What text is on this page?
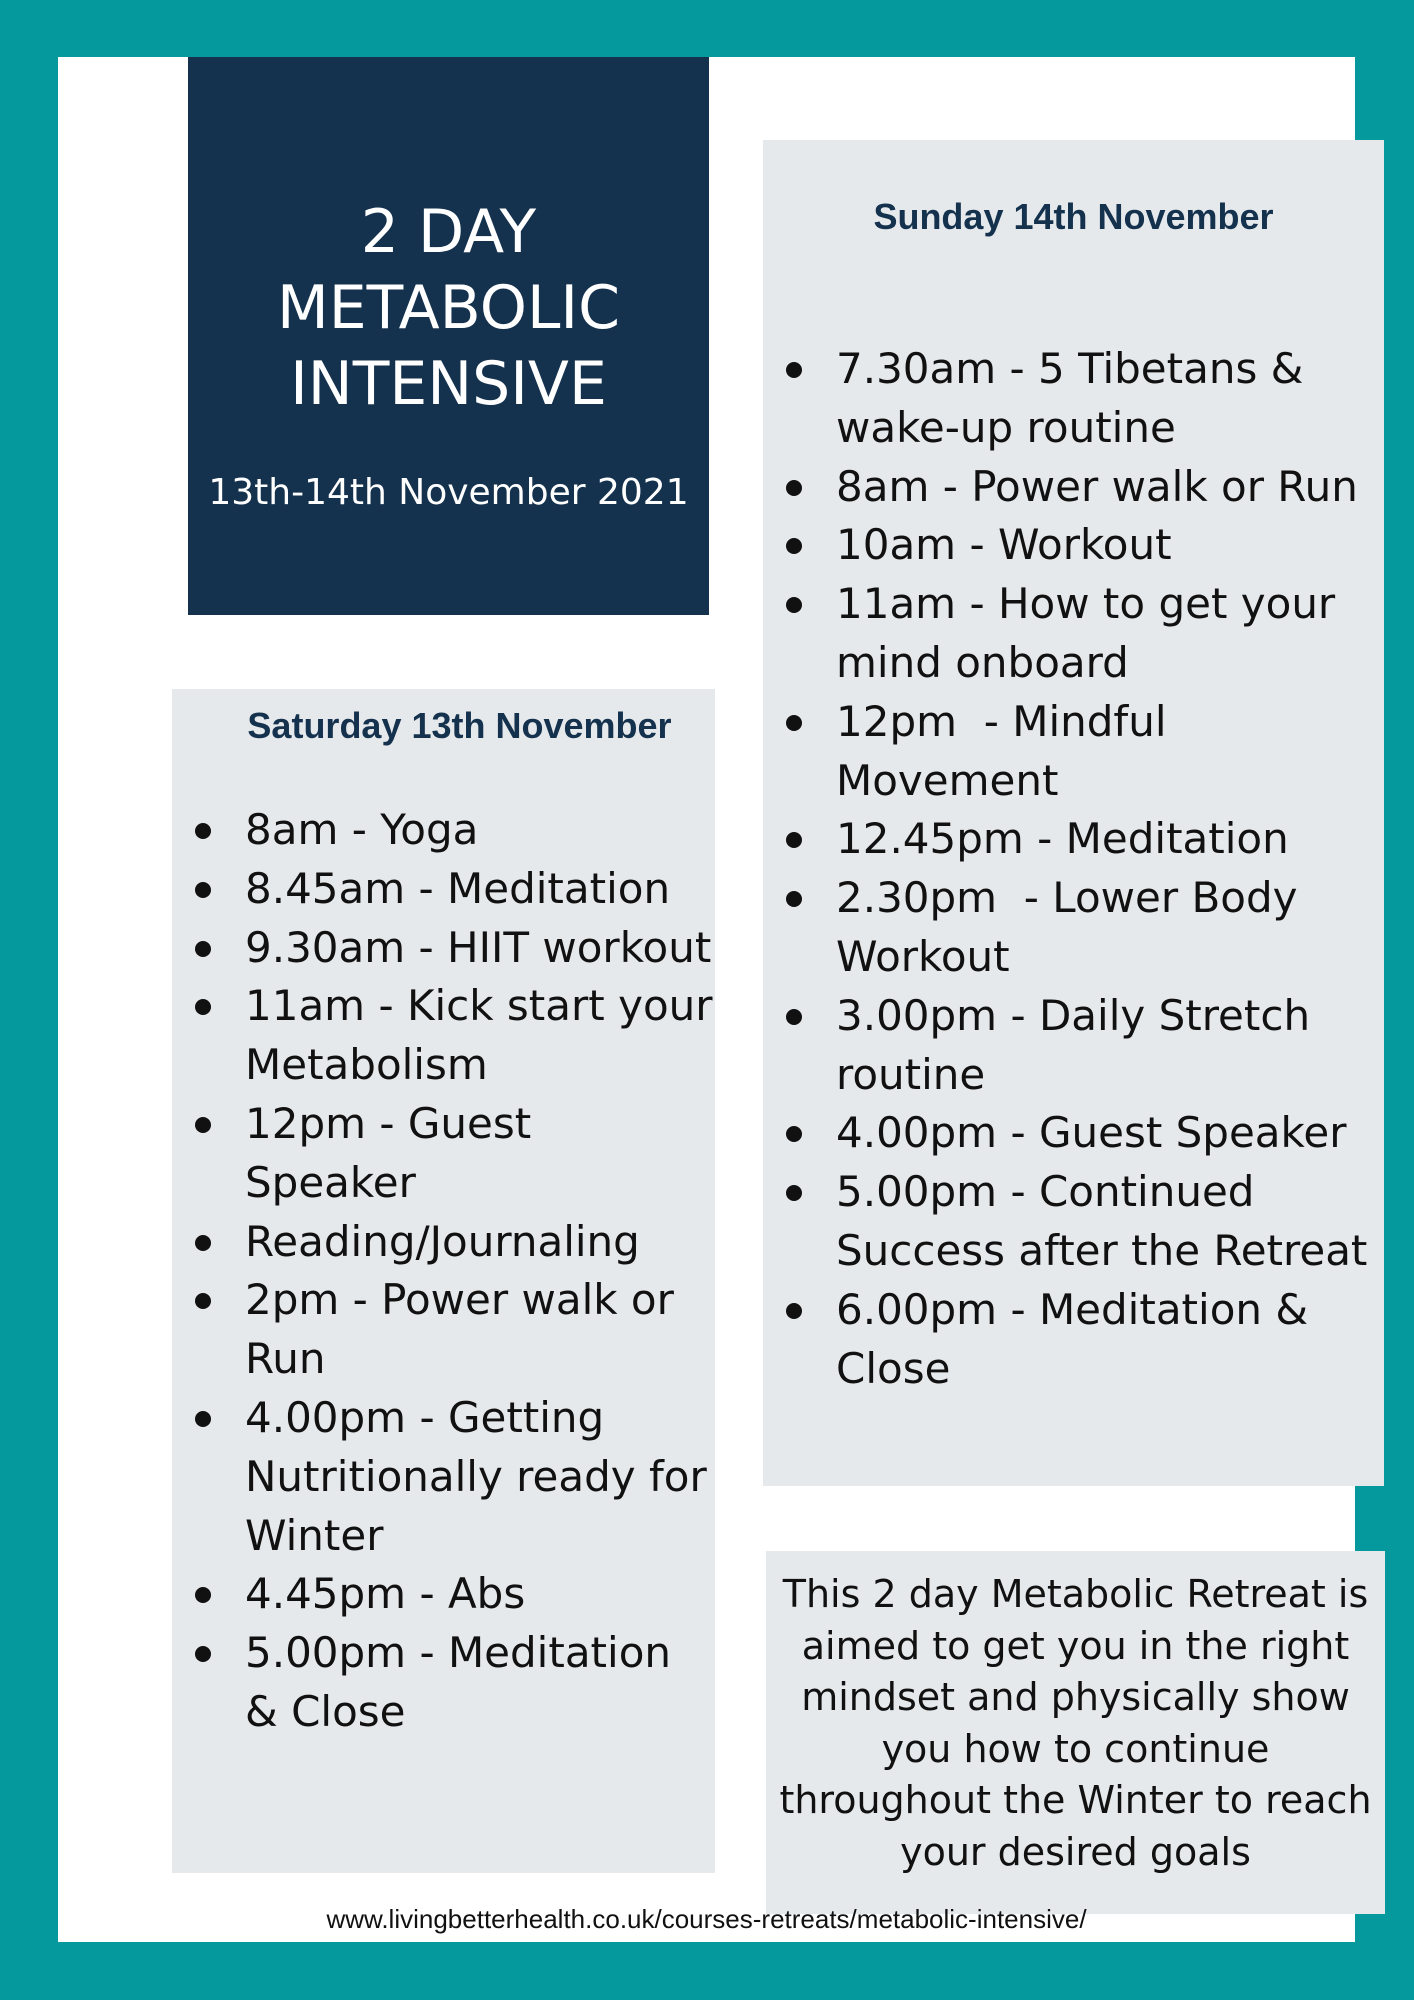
2 DAY
METABOLIC
INTENSIVE
13th-14th November 2021
Sunday 14th November
7.30am - 5 Tibetans & wake-up routine
8am - Power walk or Run
10am - Workout
11am - How to get your mind onboard
12pm  - Mindful Movement
12.45pm - Meditation
2.30pm  - Lower Body Workout
3.00pm - Daily Stretch routine
4.00pm - Guest Speaker
5.00pm - Continued Success after the Retreat
6.00pm - Meditation & Close
Saturday 13th November
8am - Yoga
8.45am - Meditation
9.30am - HIIT workout
11am - Kick start your Metabolism
12pm - Guest Speaker
Reading/Journaling
2pm - Power walk or Run
4.00pm - Getting Nutritionally ready for Winter
4.45pm - Abs
5.00pm - Meditation & Close

This 2 day Metabolic Retreat is aimed to get you in the right mindset and physically show you how to continue throughout the Winter to reach your desired goals

www.livingbetterhealth.co.uk/courses-retreats/metabolic-intensive/
